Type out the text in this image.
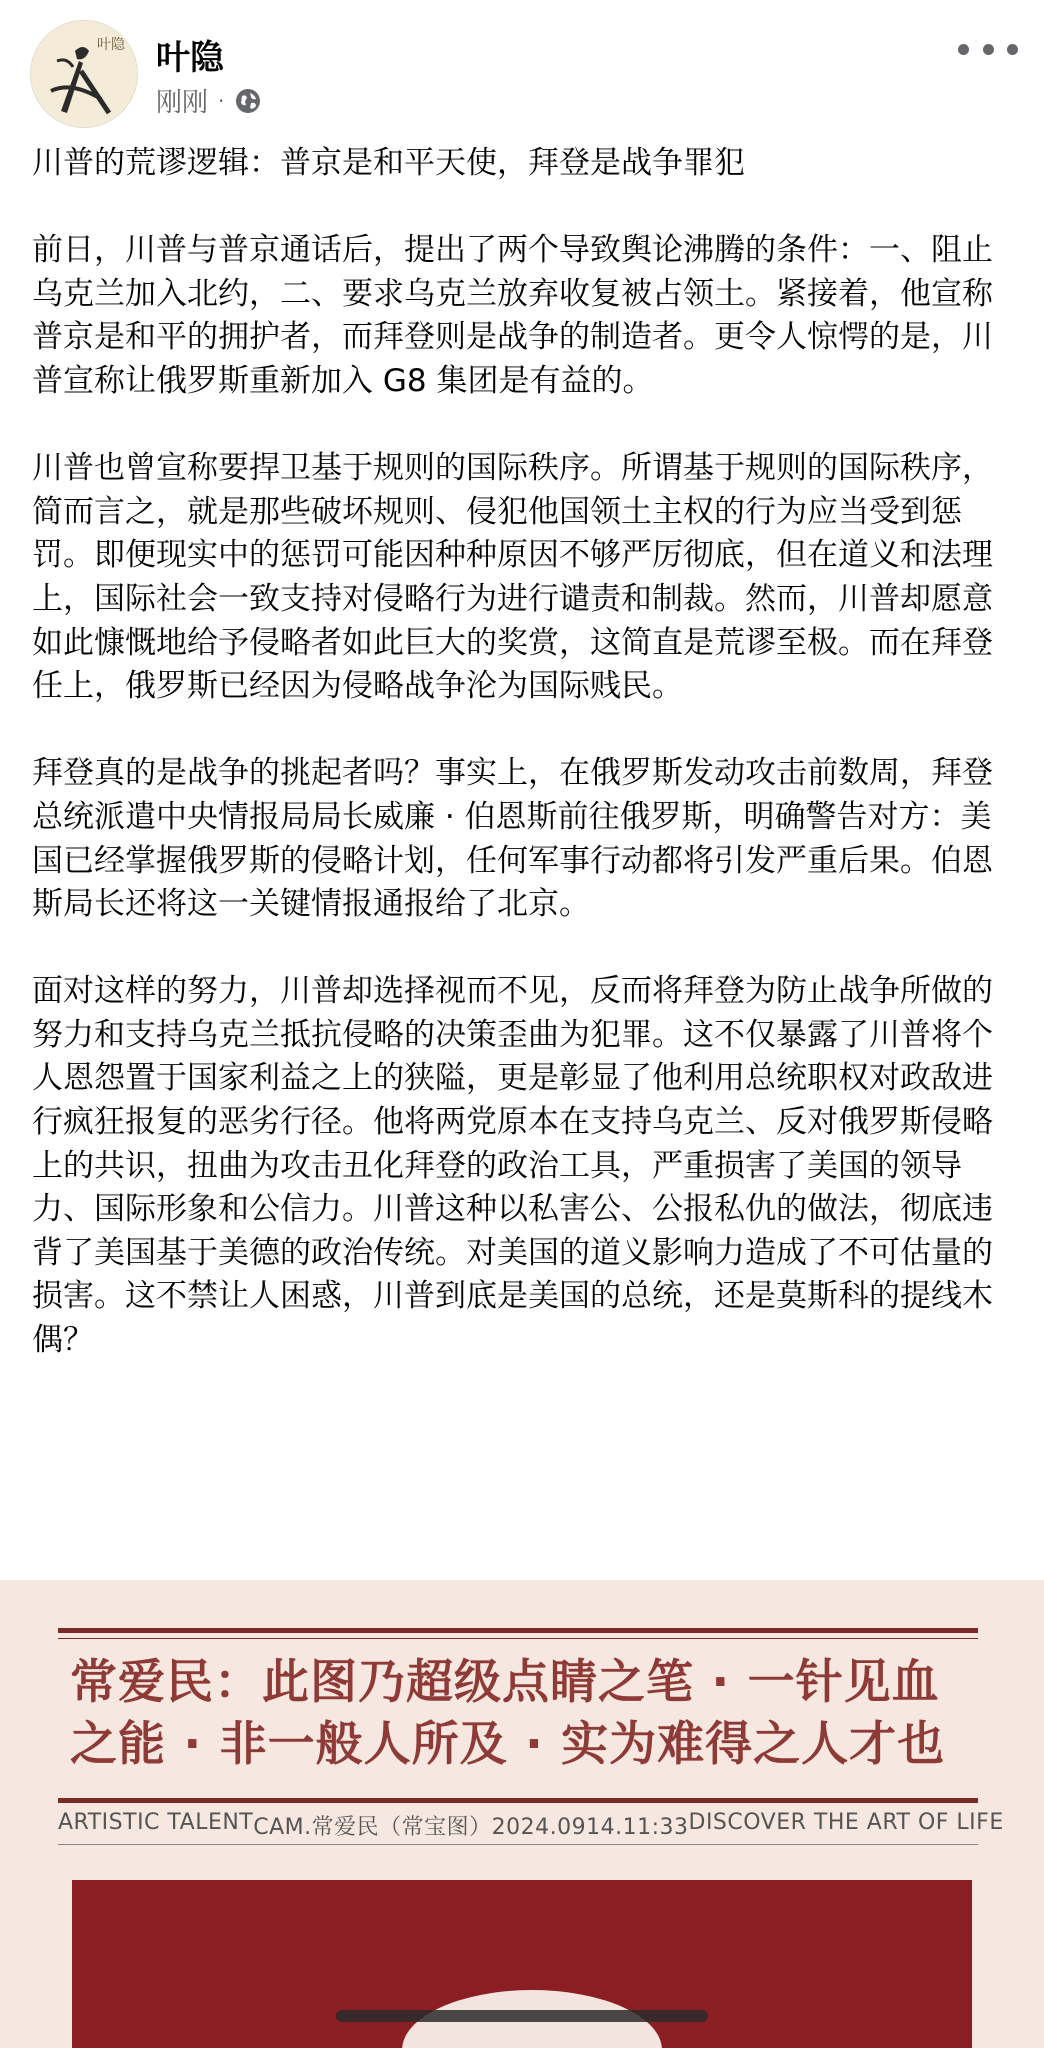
叶隐 叶隐
刚刚 ·

川普的荒谬逻辑：普京是和平天使，拜登是战争罪犯

前日，川普与普京通话后，提出了两个导致舆论沸腾的条件：一、阻止乌克兰加入北约，二、要求乌克兰放弃收复被占领土。紧接着，他宣称普京是和平的拥护者，而拜登则是战争的制造者。更令人惊愕的是，川普宣称让俄罗斯重新加入 G8 集团是有益的。

川普也曾宣称要捍卫基于规则的国际秩序。所谓基于规则的国际秩序，简而言之，就是那些破坏规则、侵犯他国领土主权的行为应当受到惩罚。即便现实中的惩罚可能因种种原因不够严厉彻底，但在道义和法理上，国际社会一致支持对侵略行为进行谴责和制裁。然而，川普却愿意如此慷慨地给予侵略者如此巨大的奖赏，这简直是荒谬至极。而在拜登任上，俄罗斯已经因为侵略战争沦为国际贱民。

拜登真的是战争的挑起者吗？事实上，在俄罗斯发动攻击前数周，拜登总统派遣中央情报局局长威廉 · 伯恩斯前往俄罗斯，明确警告对方：美国已经掌握俄罗斯的侵略计划，任何军事行动都将引发严重后果。伯恩斯局长还将这一关键情报通报给了北京。

面对这样的努力，川普却选择视而不见，反而将拜登为防止战争所做的努力和支持乌克兰抵抗侵略的决策歪曲为犯罪。这不仅暴露了川普将个人恩怨置于国家利益之上的狭隘，更是彰显了他利用总统职权对政敌进行疯狂报复的恶劣行径。他将两党原本在支持乌克兰、反对俄罗斯侵略上的共识，扭曲为攻击丑化拜登的政治工具，严重损害了美国的领导力、国际形象和公信力。川普这种以私害公、公报私仇的做法，彻底违背了美国基于美德的政治传统。对美国的道义影响力造成了不可估量的损害。这不禁让人困惑，川普到底是美国的总统，还是莫斯科的提线木偶？

常爱民：此图乃超级点睛之笔 · 一针见血
之能 · 非一般人所及 · 实为难得之人才也
ARTISTIC TALENT CAM.常爱民（常宝图）2024.0914.11:33 DISCOVER THE ART OF LIFE
